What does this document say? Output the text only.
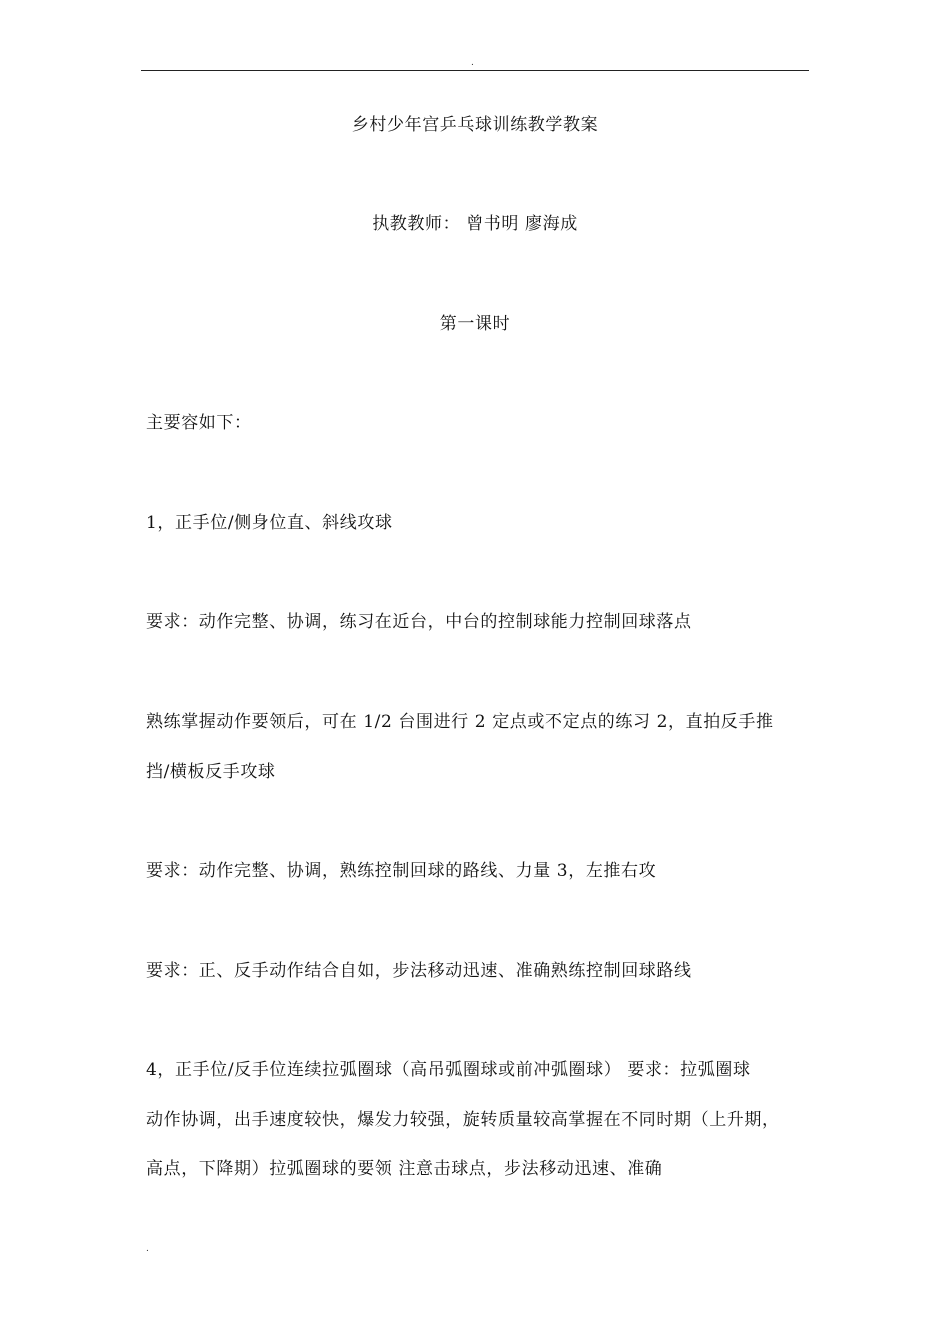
.
乡村少年宫乒乓球训练教学教案
执教教师： 曾书明 廖海成
第一课时
主要容如下：
1，正手位/侧身位直、斜线攻球
要求：动作完整、协调，练习在近台，中台的控制球能力控制回球落点
熟练掌握动作要领后，可在 1/2 台围进行 2 定点或不定点的练习 2，直拍反手推
挡/横板反手攻球
要求：动作完整、协调，熟练控制回球的路线、力量 3，左推右攻
要求：正、反手动作结合自如，步法移动迅速、准确熟练控制回球路线
4，正手位/反手位连续拉弧圈球（高吊弧圈球或前冲弧圈球） 要求：拉弧圈球
动作协调，出手速度较快，爆发力较强，旋转质量较高掌握在不同时期（上升期，
高点，下降期）拉弧圈球的要领 注意击球点，步法移动迅速、准确
.
